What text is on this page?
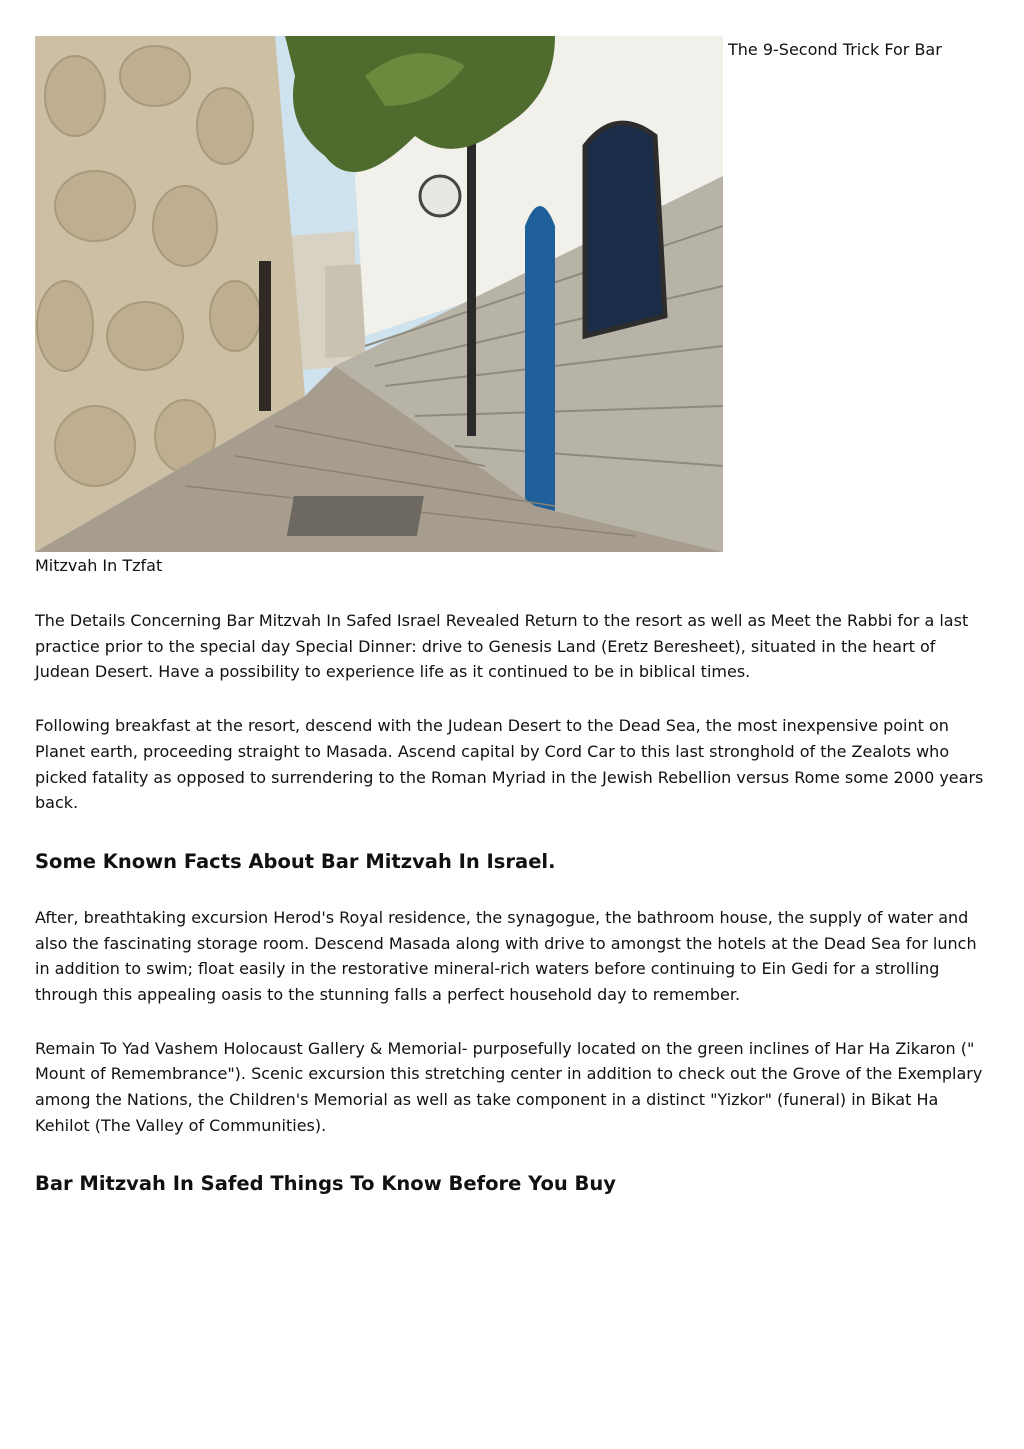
The 9-Second Trick For Bar
Mitzvah In Tzfat

The Details Concerning Bar Mitzvah In Safed Israel Revealed Return to the resort as well as Meet the Rabbi for a last practice prior to the special day Special Dinner: drive to Genesis Land (Eretz Beresheet), situated in the heart of Judean Desert. Have a possibility to experience life as it continued to be in biblical times.

Following breakfast at the resort, descend with the Judean Desert to the Dead Sea, the most inexpensive point on Planet earth, proceeding straight to Masada. Ascend capital by Cord Car to this last stronghold of the Zealots who picked fatality as opposed to surrendering to the Roman Myriad in the Jewish Rebellion versus Rome some 2000 years back.

Some Known Facts About Bar Mitzvah In Israel.

After, breathtaking excursion Herod's Royal residence, the synagogue, the bathroom house, the supply of water and also the fascinating storage room. Descend Masada along with drive to amongst the hotels at the Dead Sea for lunch in addition to swim; float easily in the restorative mineral-rich waters before continuing to Ein Gedi for a strolling through this appealing oasis to the stunning falls a perfect household day to remember.

Remain To Yad Vashem Holocaust Gallery & Memorial- purposefully located on the green inclines of Har Ha Zikaron (" Mount of Remembrance"). Scenic excursion this stretching center in addition to check out the Grove of the Exemplary among the Nations, the Children's Memorial as well as take component in a distinct "Yizkor" (funeral) in Bikat Ha Kehilot (The Valley of Communities).

Bar Mitzvah In Safed Things To Know Before You Buy
